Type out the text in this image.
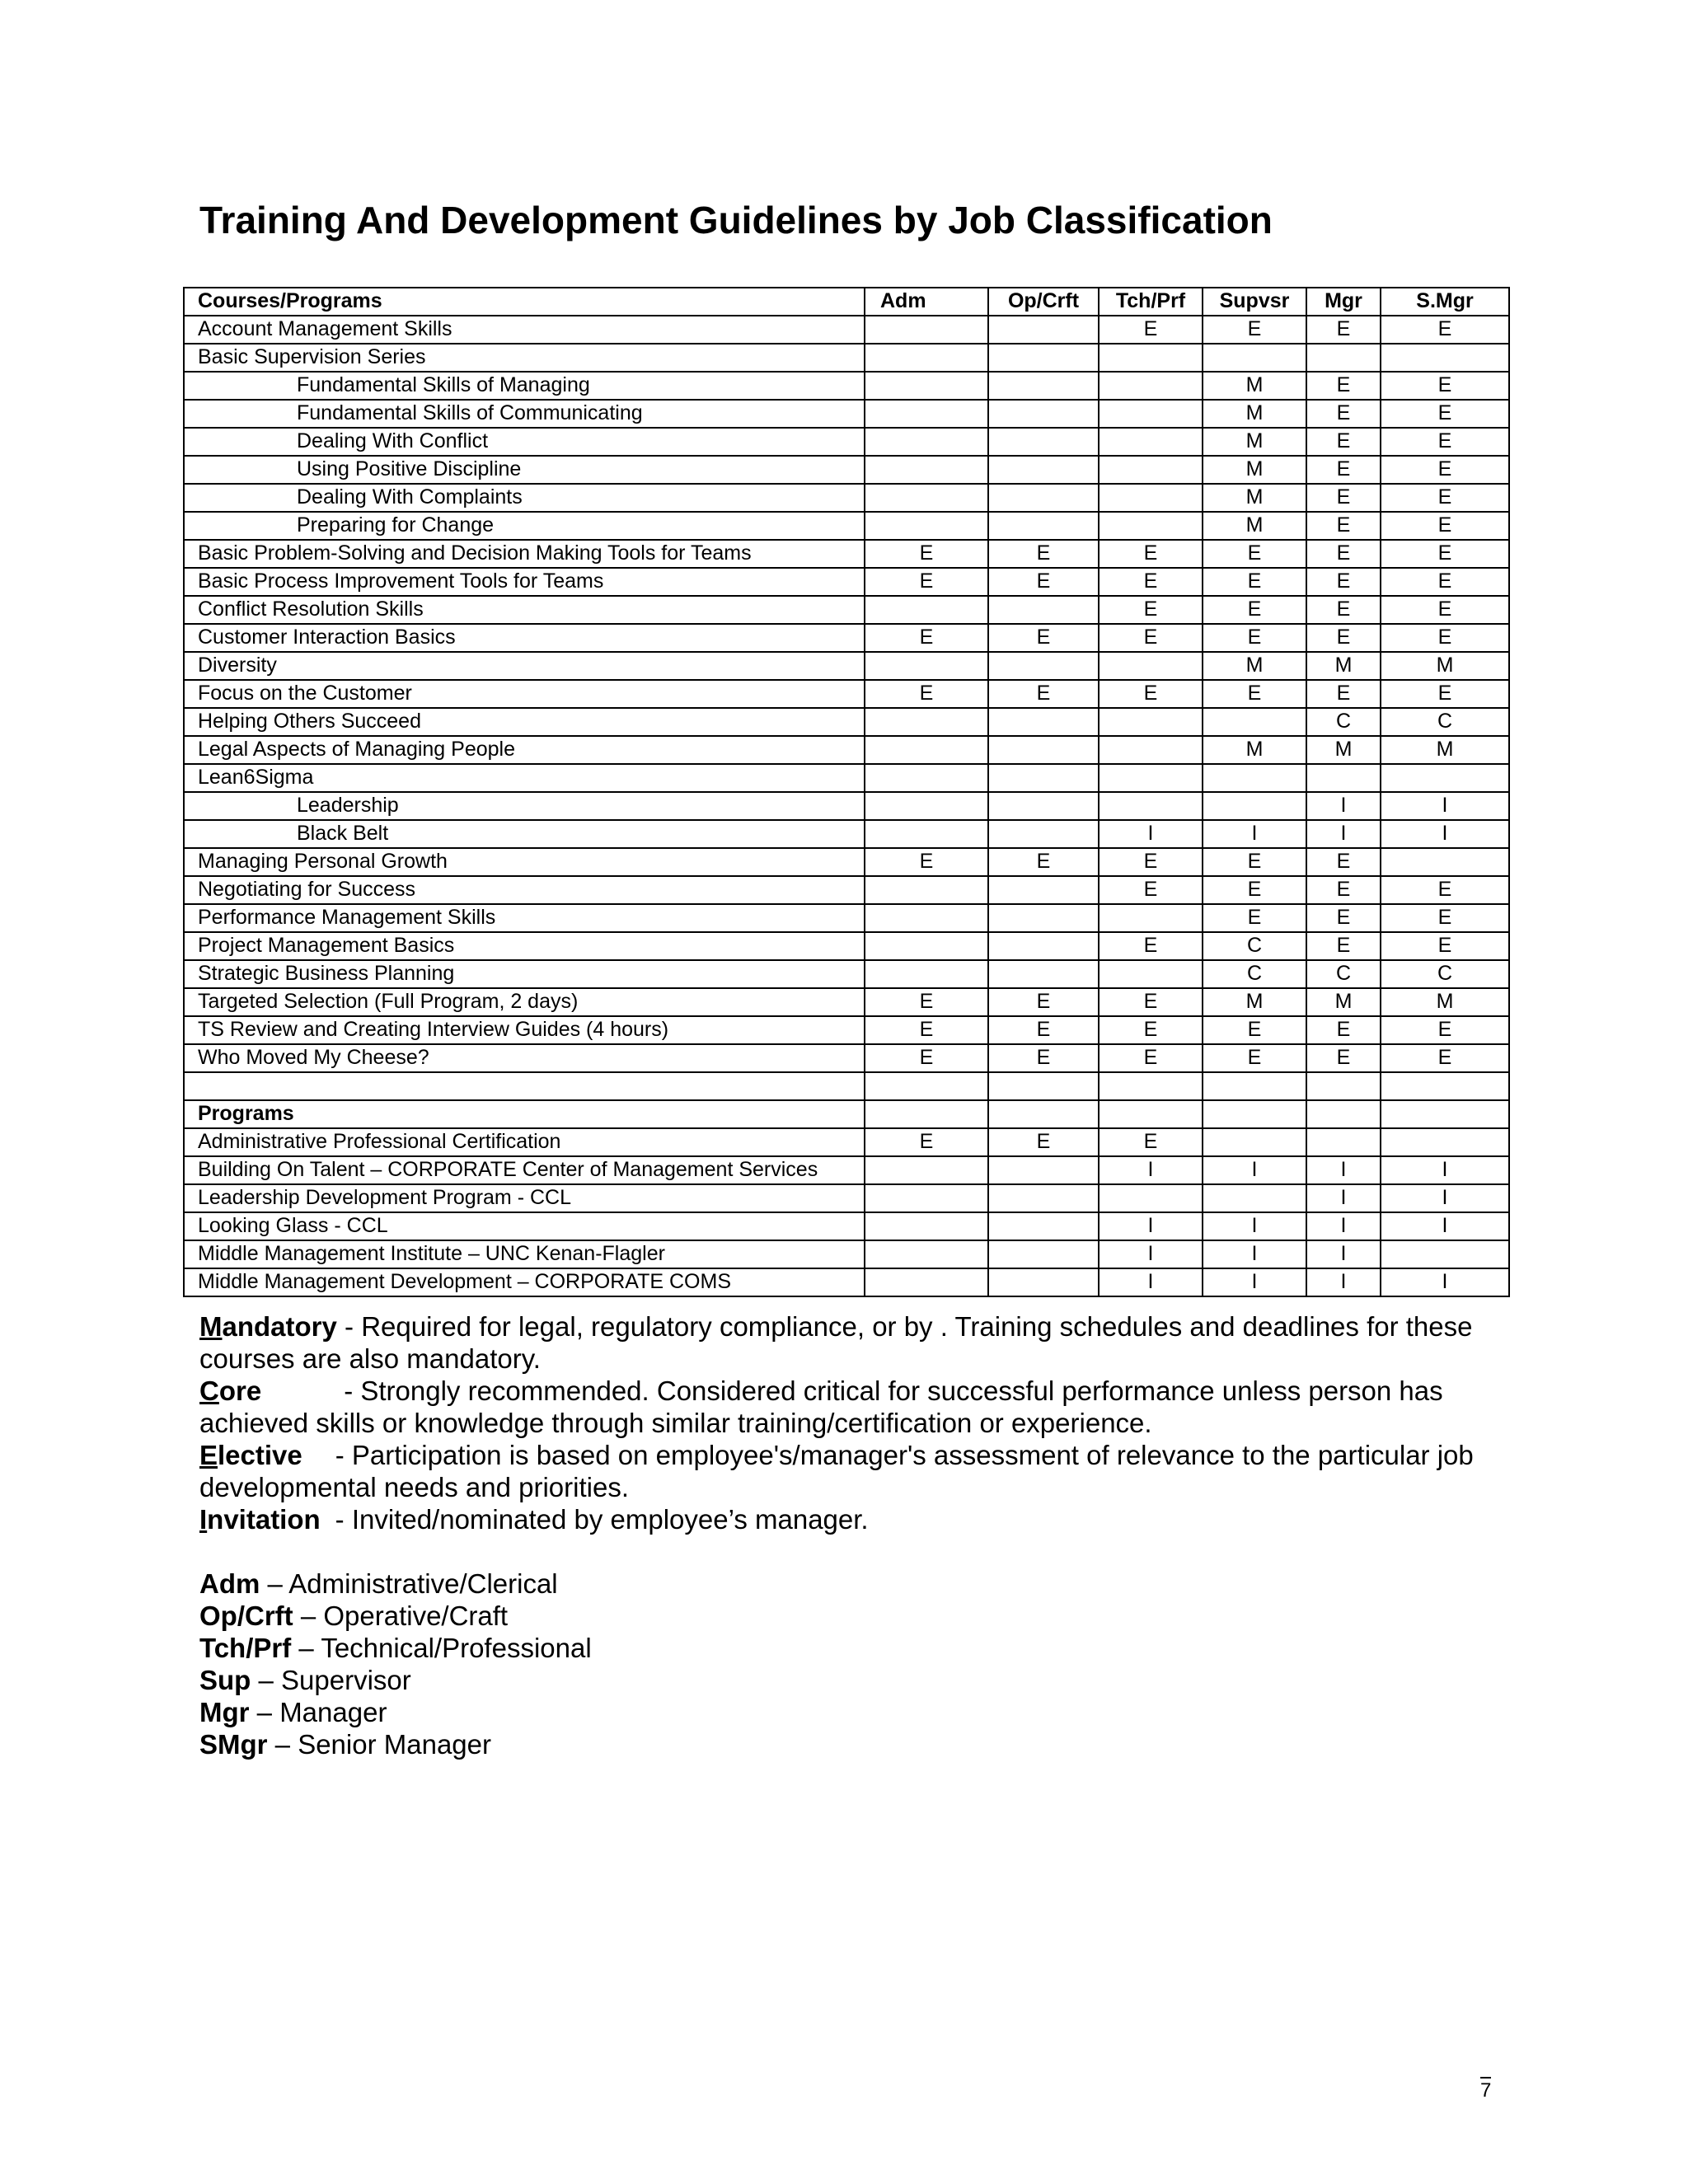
Training And Development Guidelines by Job Classification
Courses/Programs	Adm	Op/Crft	Tch/Prf	Supvsr	Mgr	S.Mgr
Account Management Skills			E	E	E	E
Basic Supervision Series						
Fundamental Skills of Managing				M	E	E
Fundamental Skills of Communicating				M	E	E
Dealing With Conflict				M	E	E
Using Positive Discipline				M	E	E
Dealing With Complaints				M	E	E
Preparing for Change				M	E	E
Basic Problem-Solving and Decision Making Tools for Teams	E	E	E	E	E	E
Basic Process Improvement Tools for Teams	E	E	E	E	E	E
Conflict Resolution Skills			E	E	E	E
Customer Interaction Basics	E	E	E	E	E	E
Diversity				M	M	M
Focus on the Customer	E	E	E	E	E	E
Helping Others Succeed					C	C
Legal Aspects of Managing People				M	M	M
Lean6Sigma						
Leadership					I	I
Black Belt			I	I	I	I
Managing Personal Growth	E	E	E	E	E	
Negotiating for Success			E	E	E	E
Performance Management Skills				E	E	E
Project Management Basics			E	C	E	E
Strategic Business Planning				C	C	C
Targeted Selection (Full Program, 2 days)	E	E	E	M	M	M
TS Review and Creating Interview Guides (4 hours)	E	E	E	E	E	E
Who Moved My Cheese?	E	E	E	E	E	E

Programs						
Administrative Professional Certification	E	E	E			
Building On Talent – CORPORATE Center of Management Services			I	I	I	I
Leadership Development Program - CCL					I	I
Looking Glass - CCL			I	I	I	I
Middle Management Institute – UNC Kenan-Flagler			I	I	I	
Middle Management Development – CORPORATE COMS			I	I	I	I

Mandatory - Required for legal, regulatory compliance, or by . Training schedules and deadlines for these courses are also mandatory.

Core	- Strongly recommended. Considered critical for successful performance unless person has achieved skills or knowledge through similar training/certification or experience.

Elective - Participation is based on employee's/manager's assessment of relevance to the particular job developmental needs and priorities.

Invitation - Invited/nominated by employee’s manager.

Adm – Administrative/Clerical

Op/Crft – Operative/Craft

Tch/Prf – Technical/Professional

Sup – Supervisor

Mgr – Manager

SMgr – Senior Manager

7
